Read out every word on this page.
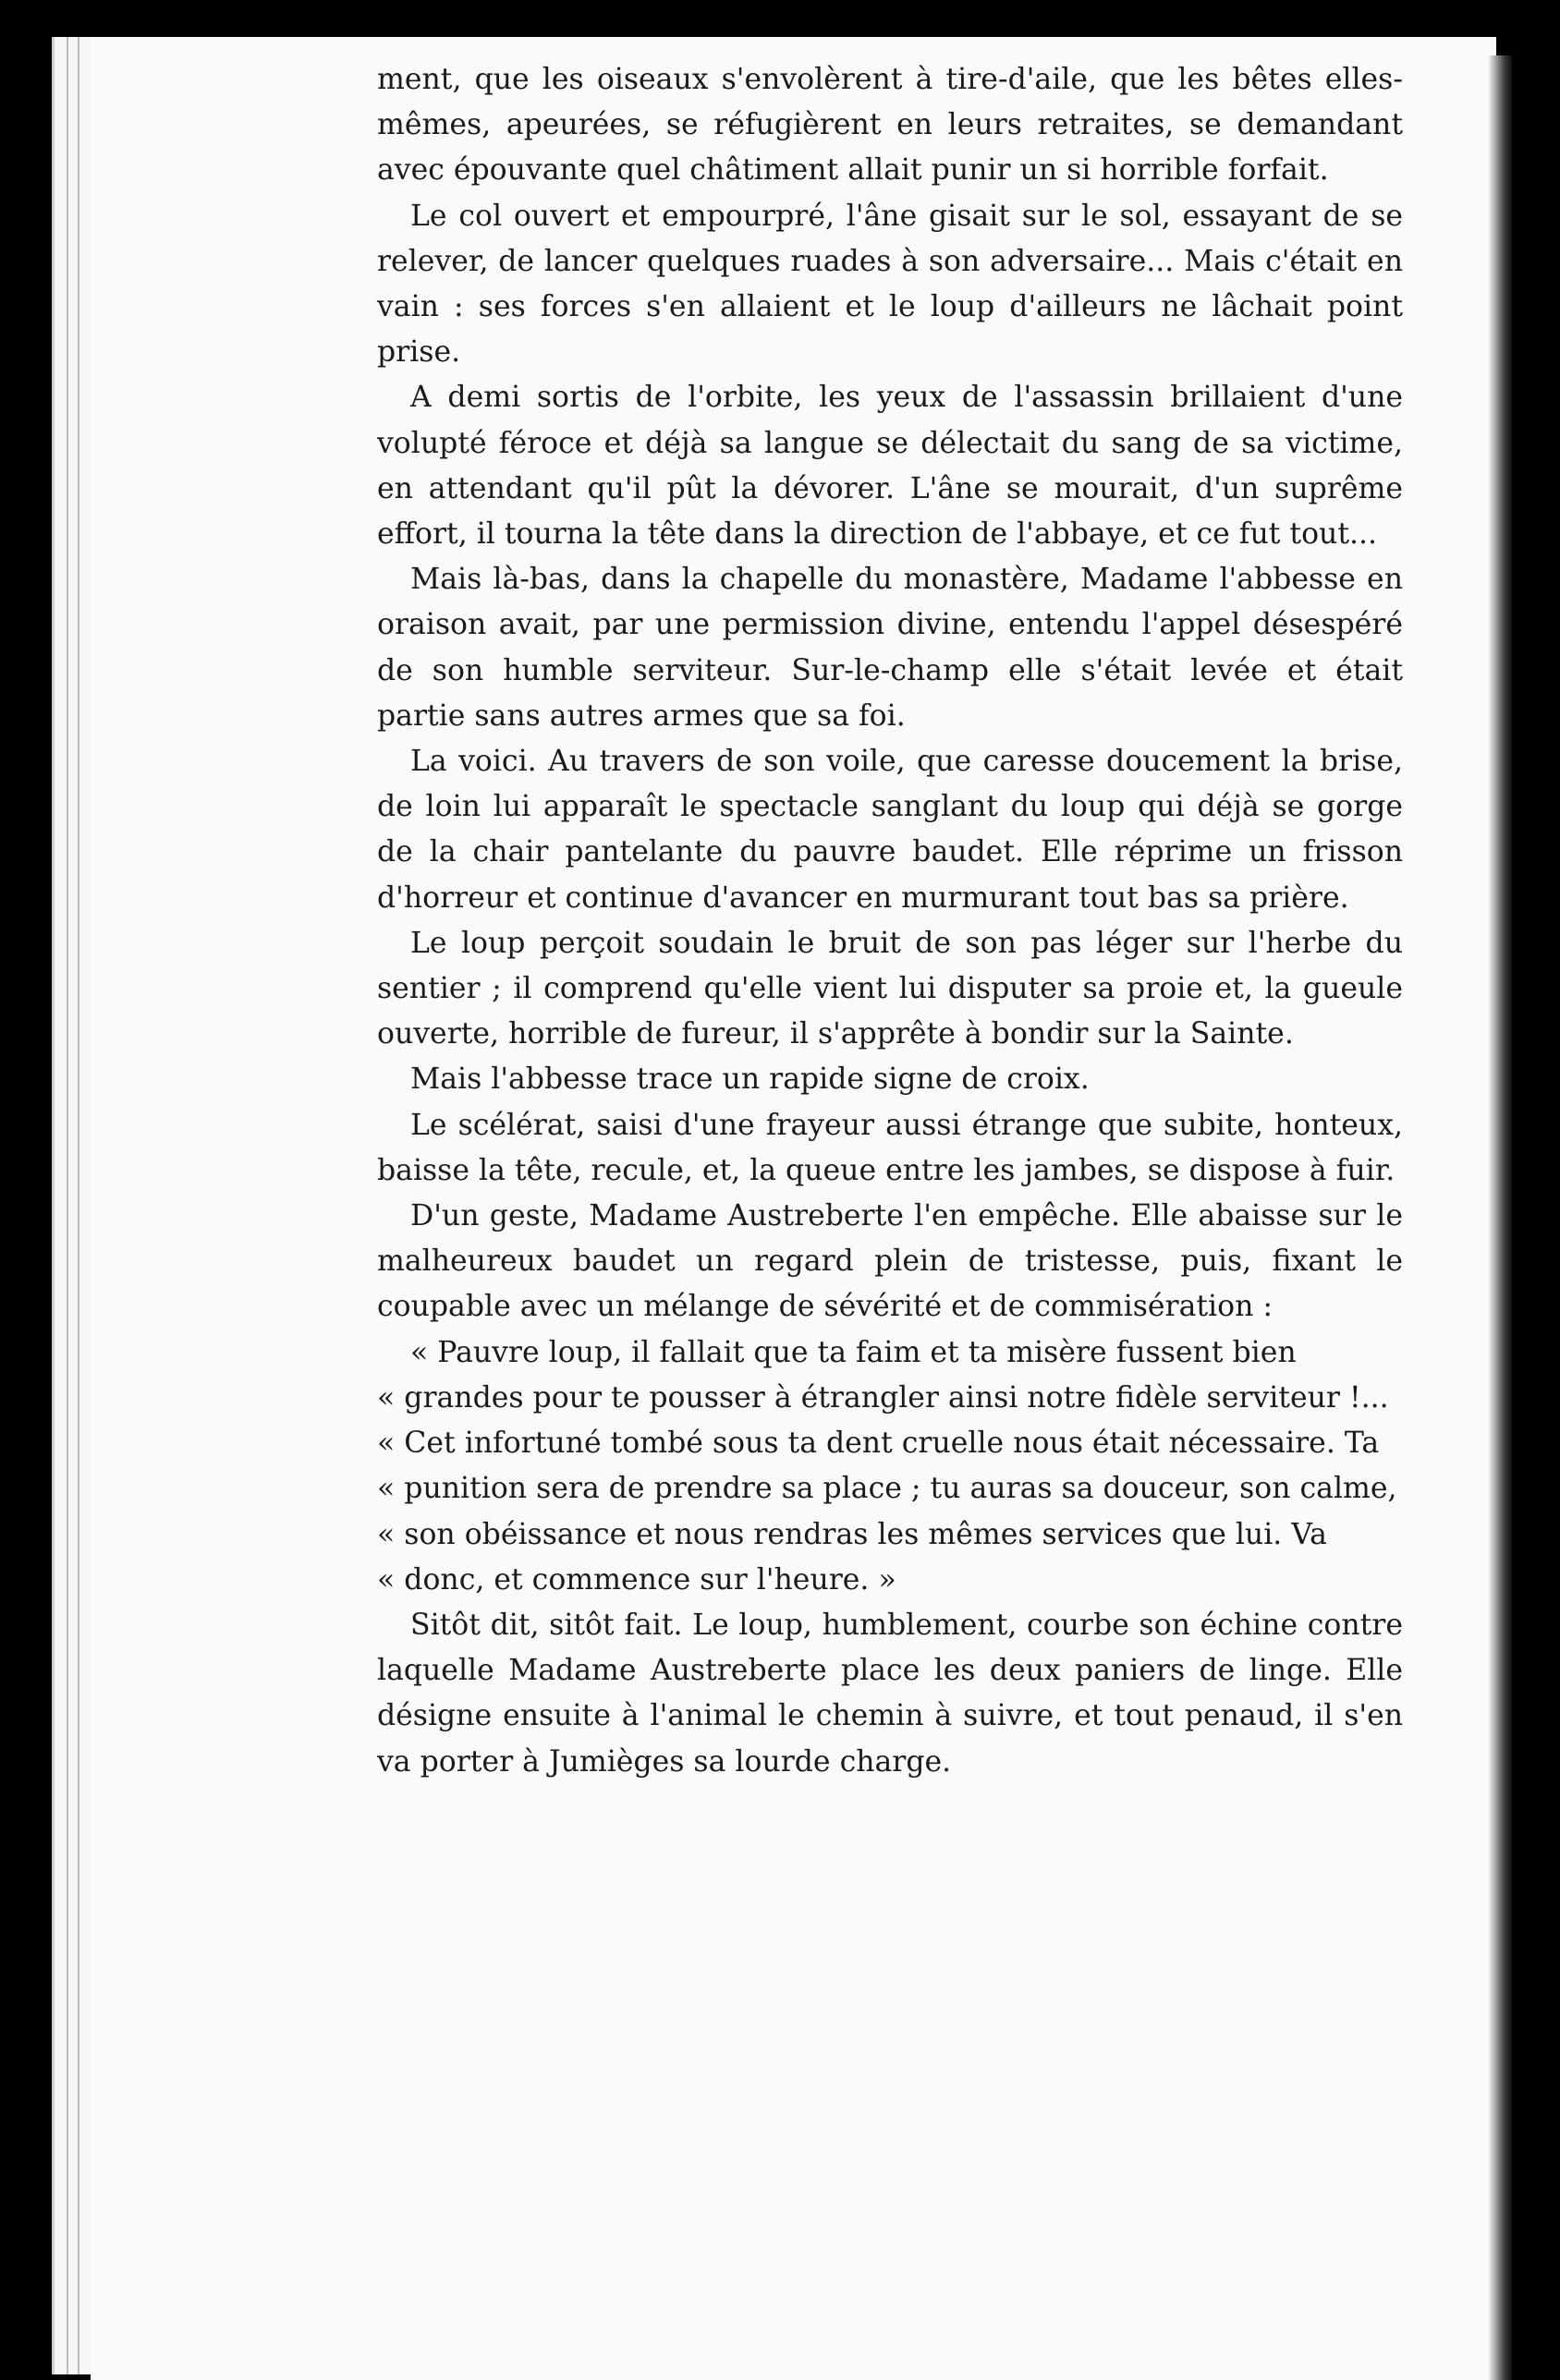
ment, que les oiseaux s'envolèrent à tire-d'aile, que les bêtes elles-mêmes, apeurées, se réfugièrent en leurs retraites, se demandant avec épouvante quel châtiment allait punir un si horrible forfait.

Le col ouvert et empourpré, l'âne gisait sur le sol, essayant de se relever, de lancer quelques ruades à son adversaire... Mais c'était en vain : ses forces s'en allaient et le loup d'ailleurs ne lâchait point prise.

A demi sortis de l'orbite, les yeux de l'assassin brillaient d'une volupté féroce et déjà sa langue se délectait du sang de sa victime, en attendant qu'il pût la dévorer. L'âne se mourait, d'un suprême effort, il tourna la tête dans la direction de l'abbaye, et ce fut tout...

Mais là-bas, dans la chapelle du monastère, Madame l'abbesse en oraison avait, par une permission divine, entendu l'appel désespéré de son humble serviteur. Sur-le-champ elle s'était levée et était partie sans autres armes que sa foi.

La voici. Au travers de son voile, que caresse doucement la brise, de loin lui apparaît le spectacle sanglant du loup qui déjà se gorge de la chair pantelante du pauvre baudet. Elle réprime un frisson d'horreur et continue d'avancer en murmurant tout bas sa prière.

Le loup perçoit soudain le bruit de son pas léger sur l'herbe du sentier ; il comprend qu'elle vient lui disputer sa proie et, la gueule ouverte, horrible de fureur, il s'apprête à bondir sur la Sainte.

Mais l'abbesse trace un rapide signe de croix.

Le scélérat, saisi d'une frayeur aussi étrange que subite, honteux, baisse la tête, recule, et, la queue entre les jambes, se dispose à fuir.

D'un geste, Madame Austreberte l'en empêche. Elle abaisse sur le malheureux baudet un regard plein de tristesse, puis, fixant le coupable avec un mélange de sévérité et de commisération :

« Pauvre loup, il fallait que ta faim et ta misère fussent bien
« grandes pour te pousser à étrangler ainsi notre fidèle serviteur !...
« Cet infortuné tombé sous ta dent cruelle nous était nécessaire. Ta
« punition sera de prendre sa place ; tu auras sa douceur, son calme,
« son obéissance et nous rendras les mêmes services que lui. Va
« donc, et commence sur l'heure. »

Sitôt dit, sitôt fait. Le loup, humblement, courbe son échine contre laquelle Madame Austreberte place les deux paniers de linge. Elle désigne ensuite à l'animal le chemin à suivre, et tout penaud, il s'en va porter à Jumièges sa lourde charge.
